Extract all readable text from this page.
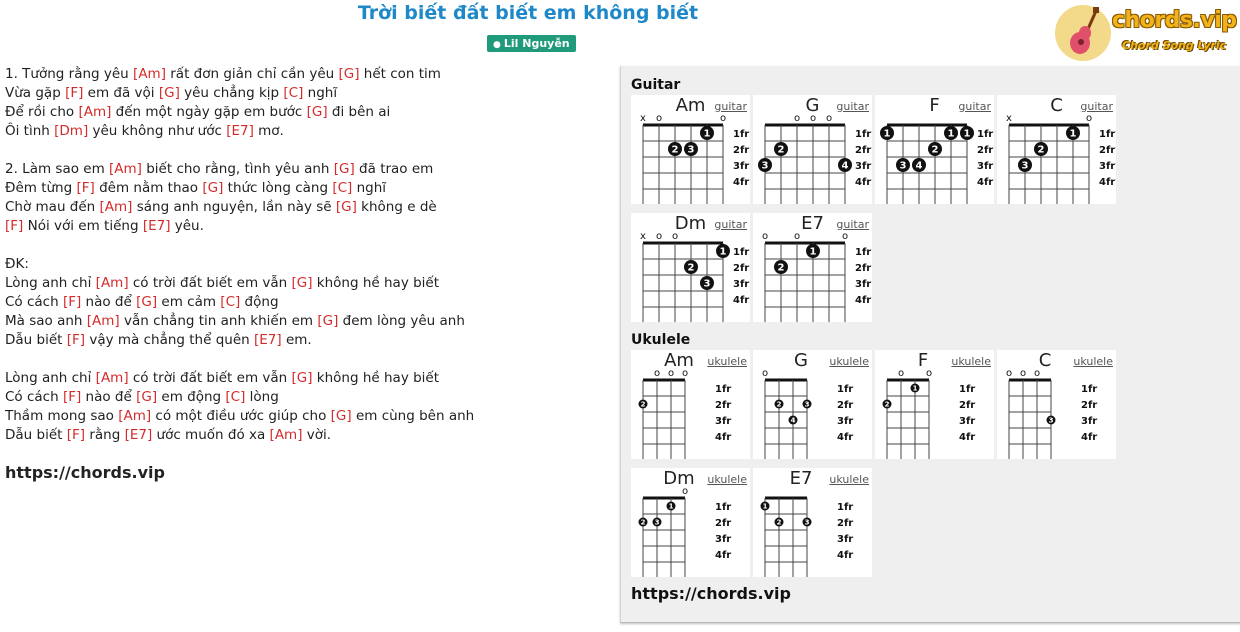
Trời biết đất biết em không biết
● Lil Nguyễn
chords.vip
Chord Song Lyric
1. Tưởng rằng yêu [Am] rất đơn giản chỉ cần yêu [G] hết con tim
Vừa gặp [F] em đã vội [G] yêu chẳng kịp [C] nghĩ
Để rồi cho [Am] đến một ngày gặp em bước [G] đi bên ai
Ôi tình [Dm] yêu không như ước [E7] mơ.
2. Làm sao em [Am] biết cho rằng, tình yêu anh [G] đã trao em
Đêm từng [F] đêm nằm thao [G] thức lòng càng [C] nghĩ
Chờ mau đến [Am] sáng anh nguyện, lần này sẽ [G] không e dè
[F] Nói với em tiếng [E7] yêu.
ĐK:
Lòng anh chỉ [Am] có trời đất biết em vẫn [G] không hề hay biết
Có cách [F] nào để [G] em cảm [C] động
Mà sao anh [Am] vẫn chẳng tin anh khiến em [G] đem lòng yêu anh
Dẫu biết [F] vậy mà chẳng thể quên [E7] em.
Lòng anh chỉ [Am] có trời đất biết em vẫn [G] không hề hay biết
Có cách [F] nào để [G] em động [C] lòng
Thầm mong sao [Am] có một điều ước giúp cho [G] em cùng bên anh
Dẫu biết [F] rằng [E7] ước muốn đó xa [Am] vời.
https://chords.vip
Guitar
Ukulele
https://chords.vip
x o	o
1
2 3
1fr
2fr
3fr
4fr
Am guitar
o o o
2
3	4
1fr
2fr
3fr
4fr
G	guitar
1	1 1
2
3 4
1fr
2fr
3fr
4fr
F	guitar
x	o
1
2
3
1fr
2fr
3fr
4fr
C	guitar
x o o
1
2
3
1fr
2fr
3fr
4fr
Dm guitar
o	o	o
1
2
1fr
2fr
3fr
4fr
E7	guitar
o o o
2
1fr
2fr
3fr
4fr
Am	ukulele
o
2	3
4
1fr
2fr
3fr
4fr
G	ukulele
o o
1
2
1fr
2fr
3fr
4fr
F	ukulele
o o o
3
1fr
2fr
3fr
4fr
C	ukulele
o
1
2 3
1fr
2fr
3fr
4fr
Dm	ukulele
1
2	3
1fr
2fr
3fr
4fr
E7	ukulele
